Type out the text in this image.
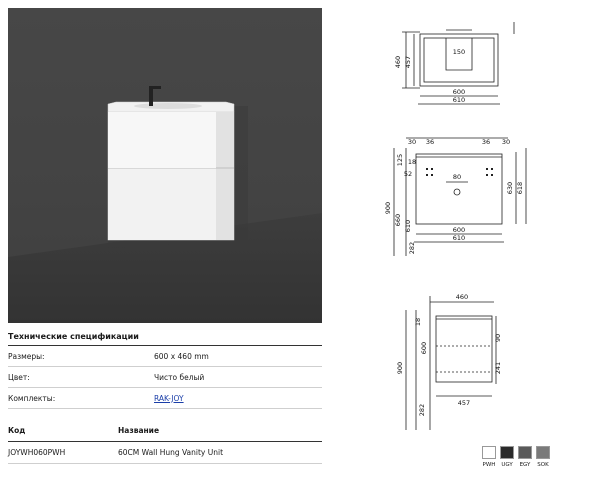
Технические спецификации
Размеры:	600 x 460 mm
Цвет:	Чисто белый
Комплекты:	RAK-JOY
Код	Название
JOYWH060PWH	60CM Wall Hung Vanity Unit
460 457
150
600
610
30 36	36 30
125 18
52	80
630 618
900
660 610
282
600
610
460
18
600
900
90
241
282
457
PWH UGY EGY SOK
